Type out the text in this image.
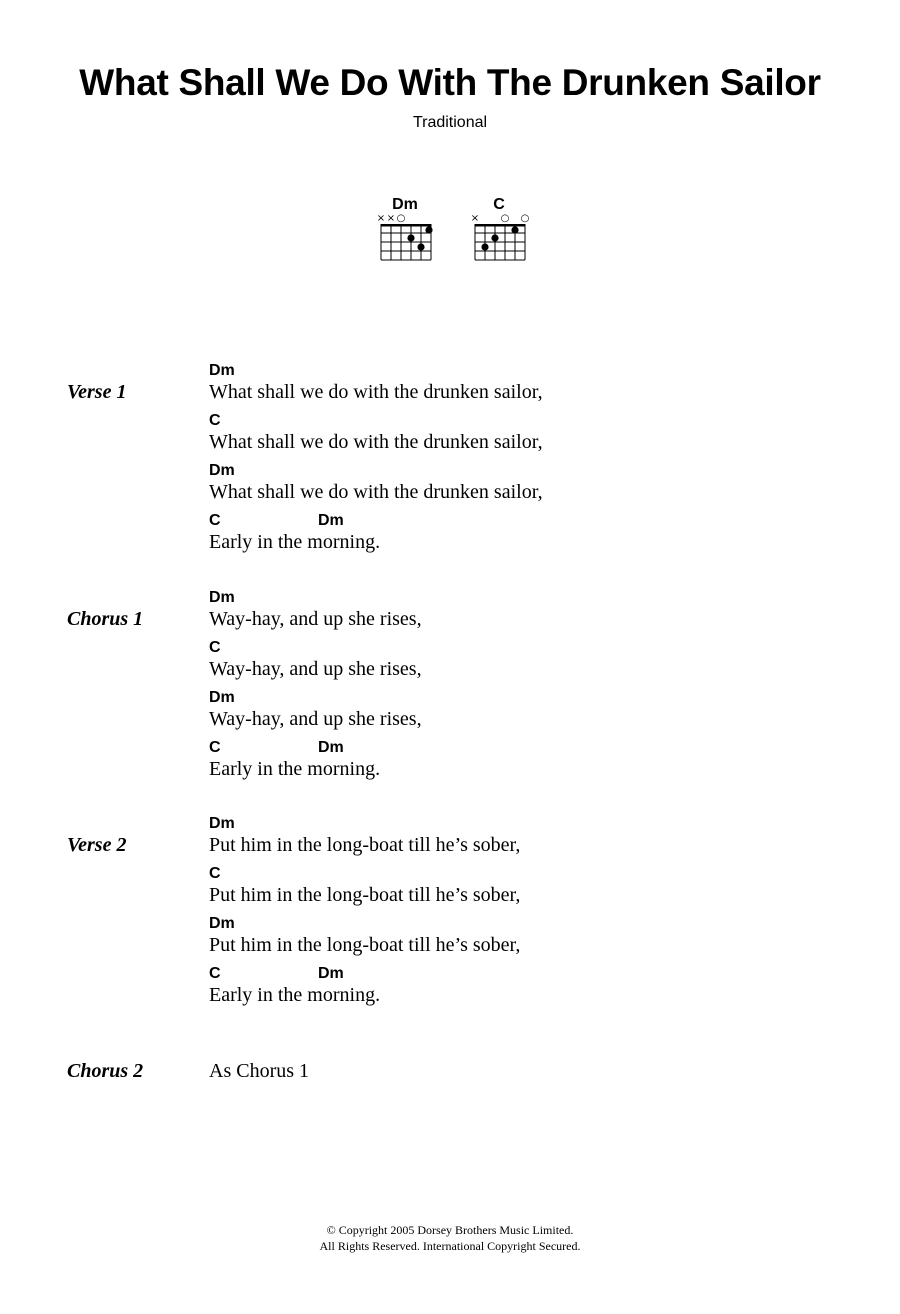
What Shall We Do With The Drunken Sailor
Traditional
Dm
× × ○
C
× ○ ○
Verse 1
Dm
What shall we do with the drunken sailor,
C
What shall we do with the drunken sailor,
Dm
What shall we do with the drunken sailor,
C	Dm
Early in the morning.
Chorus 1
Dm
Way-hay, and up she rises,
C
Way-hay, and up she rises,
Dm
Way-hay, and up she rises,
C	Dm
Early in the morning.
Verse 2
Dm
Put him in the long-boat till he’s sober,
C
Put him in the long-boat till he’s sober,
Dm
Put him in the long-boat till he’s sober,
C	Dm
Early in the morning.
Chorus 2	As Chorus 1
© Copyright 2005 Dorsey Brothers Music Limited.
All Rights Reserved. International Copyright Secured.
